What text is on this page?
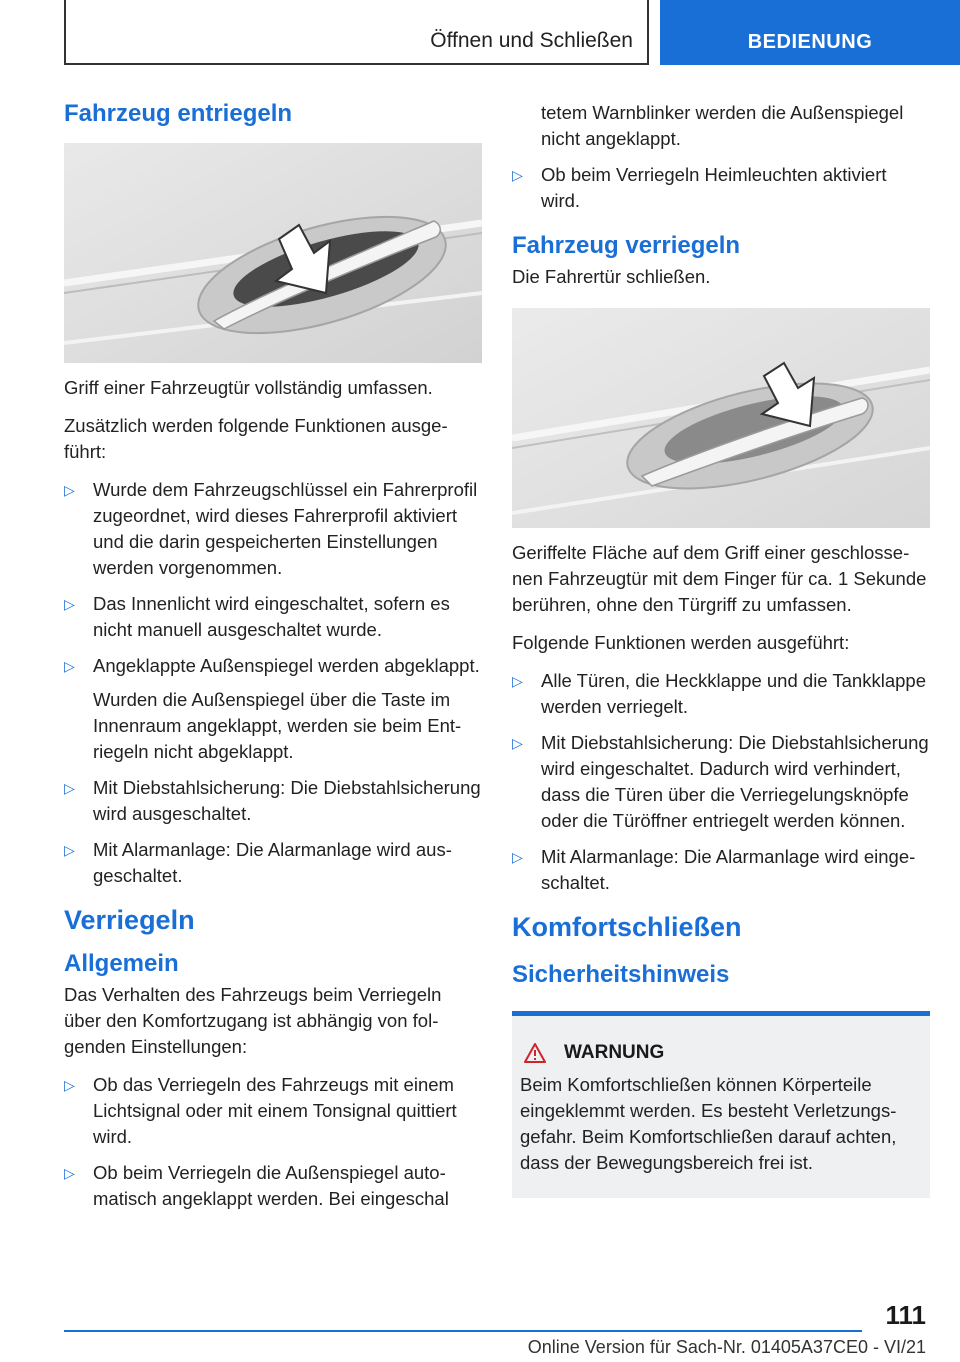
Öffnen und Schließen	BEDIENUNG
Fahrzeug entriegeln

Griff einer Fahrzeugtür vollständig umfassen.

Zusätzlich werden folgende Funktionen ausgeführt:

▷ Wurde dem Fahrzeugschlüssel ein Fahrerprofil zugeordnet, wird dieses Fahrerprofil aktiviert und die darin gespeicherten Einstellungen werden vorgenommen.
▷ Das Innenlicht wird eingeschaltet, sofern es nicht manuell ausgeschaltet wurde.
▷ Angeklappte Außenspiegel werden abgeklappt.
Wurden die Außenspiegel über die Taste im Innenraum angeklappt, werden sie beim Entriegeln nicht abgeklappt.
▷ Mit Diebstahlsicherung: Die Diebstahlsicherung wird ausgeschaltet.
▷ Mit Alarmanlage: Die Alarmanlage wird ausgeschaltet.
Verriegeln
Allgemein

Das Verhalten des Fahrzeugs beim Verriegeln über den Komfortzugang ist abhängig von folgenden Einstellungen:

▷ Ob das Verriegeln des Fahrzeugs mit einem Lichtsignal oder mit einem Tonsignal quittiert wird.
▷ Ob beim Verriegeln die Außenspiegel automatisch angeklappt werden. Bei eingeschal
tetem Warnblinker werden die Außenspiegel nicht angeklappt.
▷ Ob beim Verriegeln Heimleuchten aktiviert wird.
Fahrzeug verriegeln

Die Fahrertür schließen.

Geriffelte Fläche auf dem Griff einer geschlossenen Fahrzeugtür mit dem Finger für ca. 1 Sekunde berühren, ohne den Türgriff zu umfassen.

Folgende Funktionen werden ausgeführt:

▷ Alle Türen, die Heckklappe und die Tankklappe werden verriegelt.
▷ Mit Diebstahlsicherung: Die Diebstahlsicherung wird eingeschaltet. Dadurch wird verhindert, dass die Türen über die Verriegelungsknöpfe oder die Türöffner entriegelt werden können.
▷ Mit Alarmanlage: Die Alarmanlage wird eingeschaltet.
Komfortschließen
Sicherheitshinweis
WARNUNG

Beim Komfortschließen können Körperteile eingeklemmt werden. Es besteht Verletzungsgefahr. Beim Komfortschließen darauf achten, dass der Bewegungsbereich frei ist.

111
Online Version für Sach-Nr. 01405A37CE0 - VI/21
